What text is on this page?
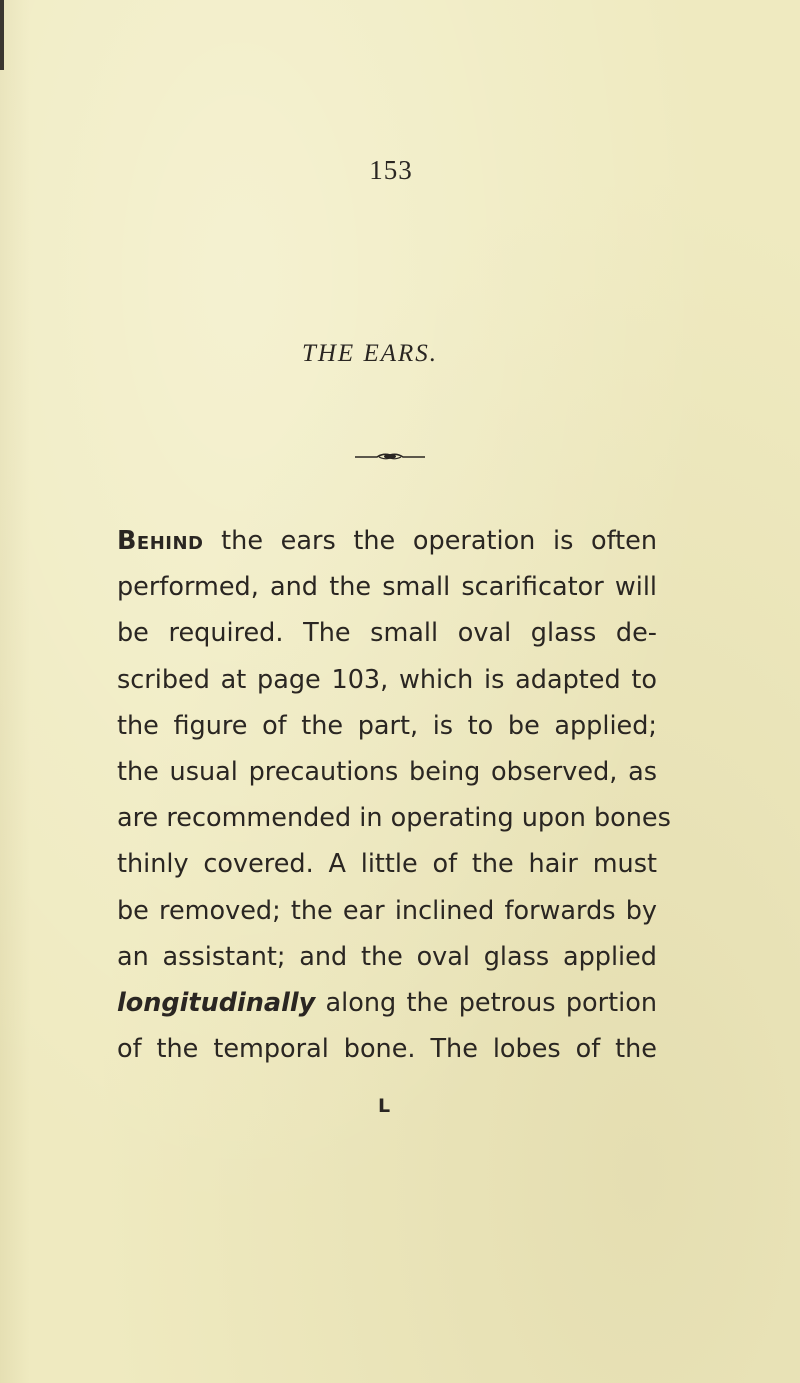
153
THE EARS.
Behind the ears the operation is often
performed, and the small scarificator will
be required. The small oval glass de-
scribed at page 103, which is adapted to
the figure of the part, is to be applied;
the usual precautions being observed, as
are recommended in operating upon bones
thinly covered. A little of the hair must
be removed; the ear inclined forwards by
an assistant; and the oval glass applied
longitudinally along the petrous portion
of the temporal bone. The lobes of the
L
